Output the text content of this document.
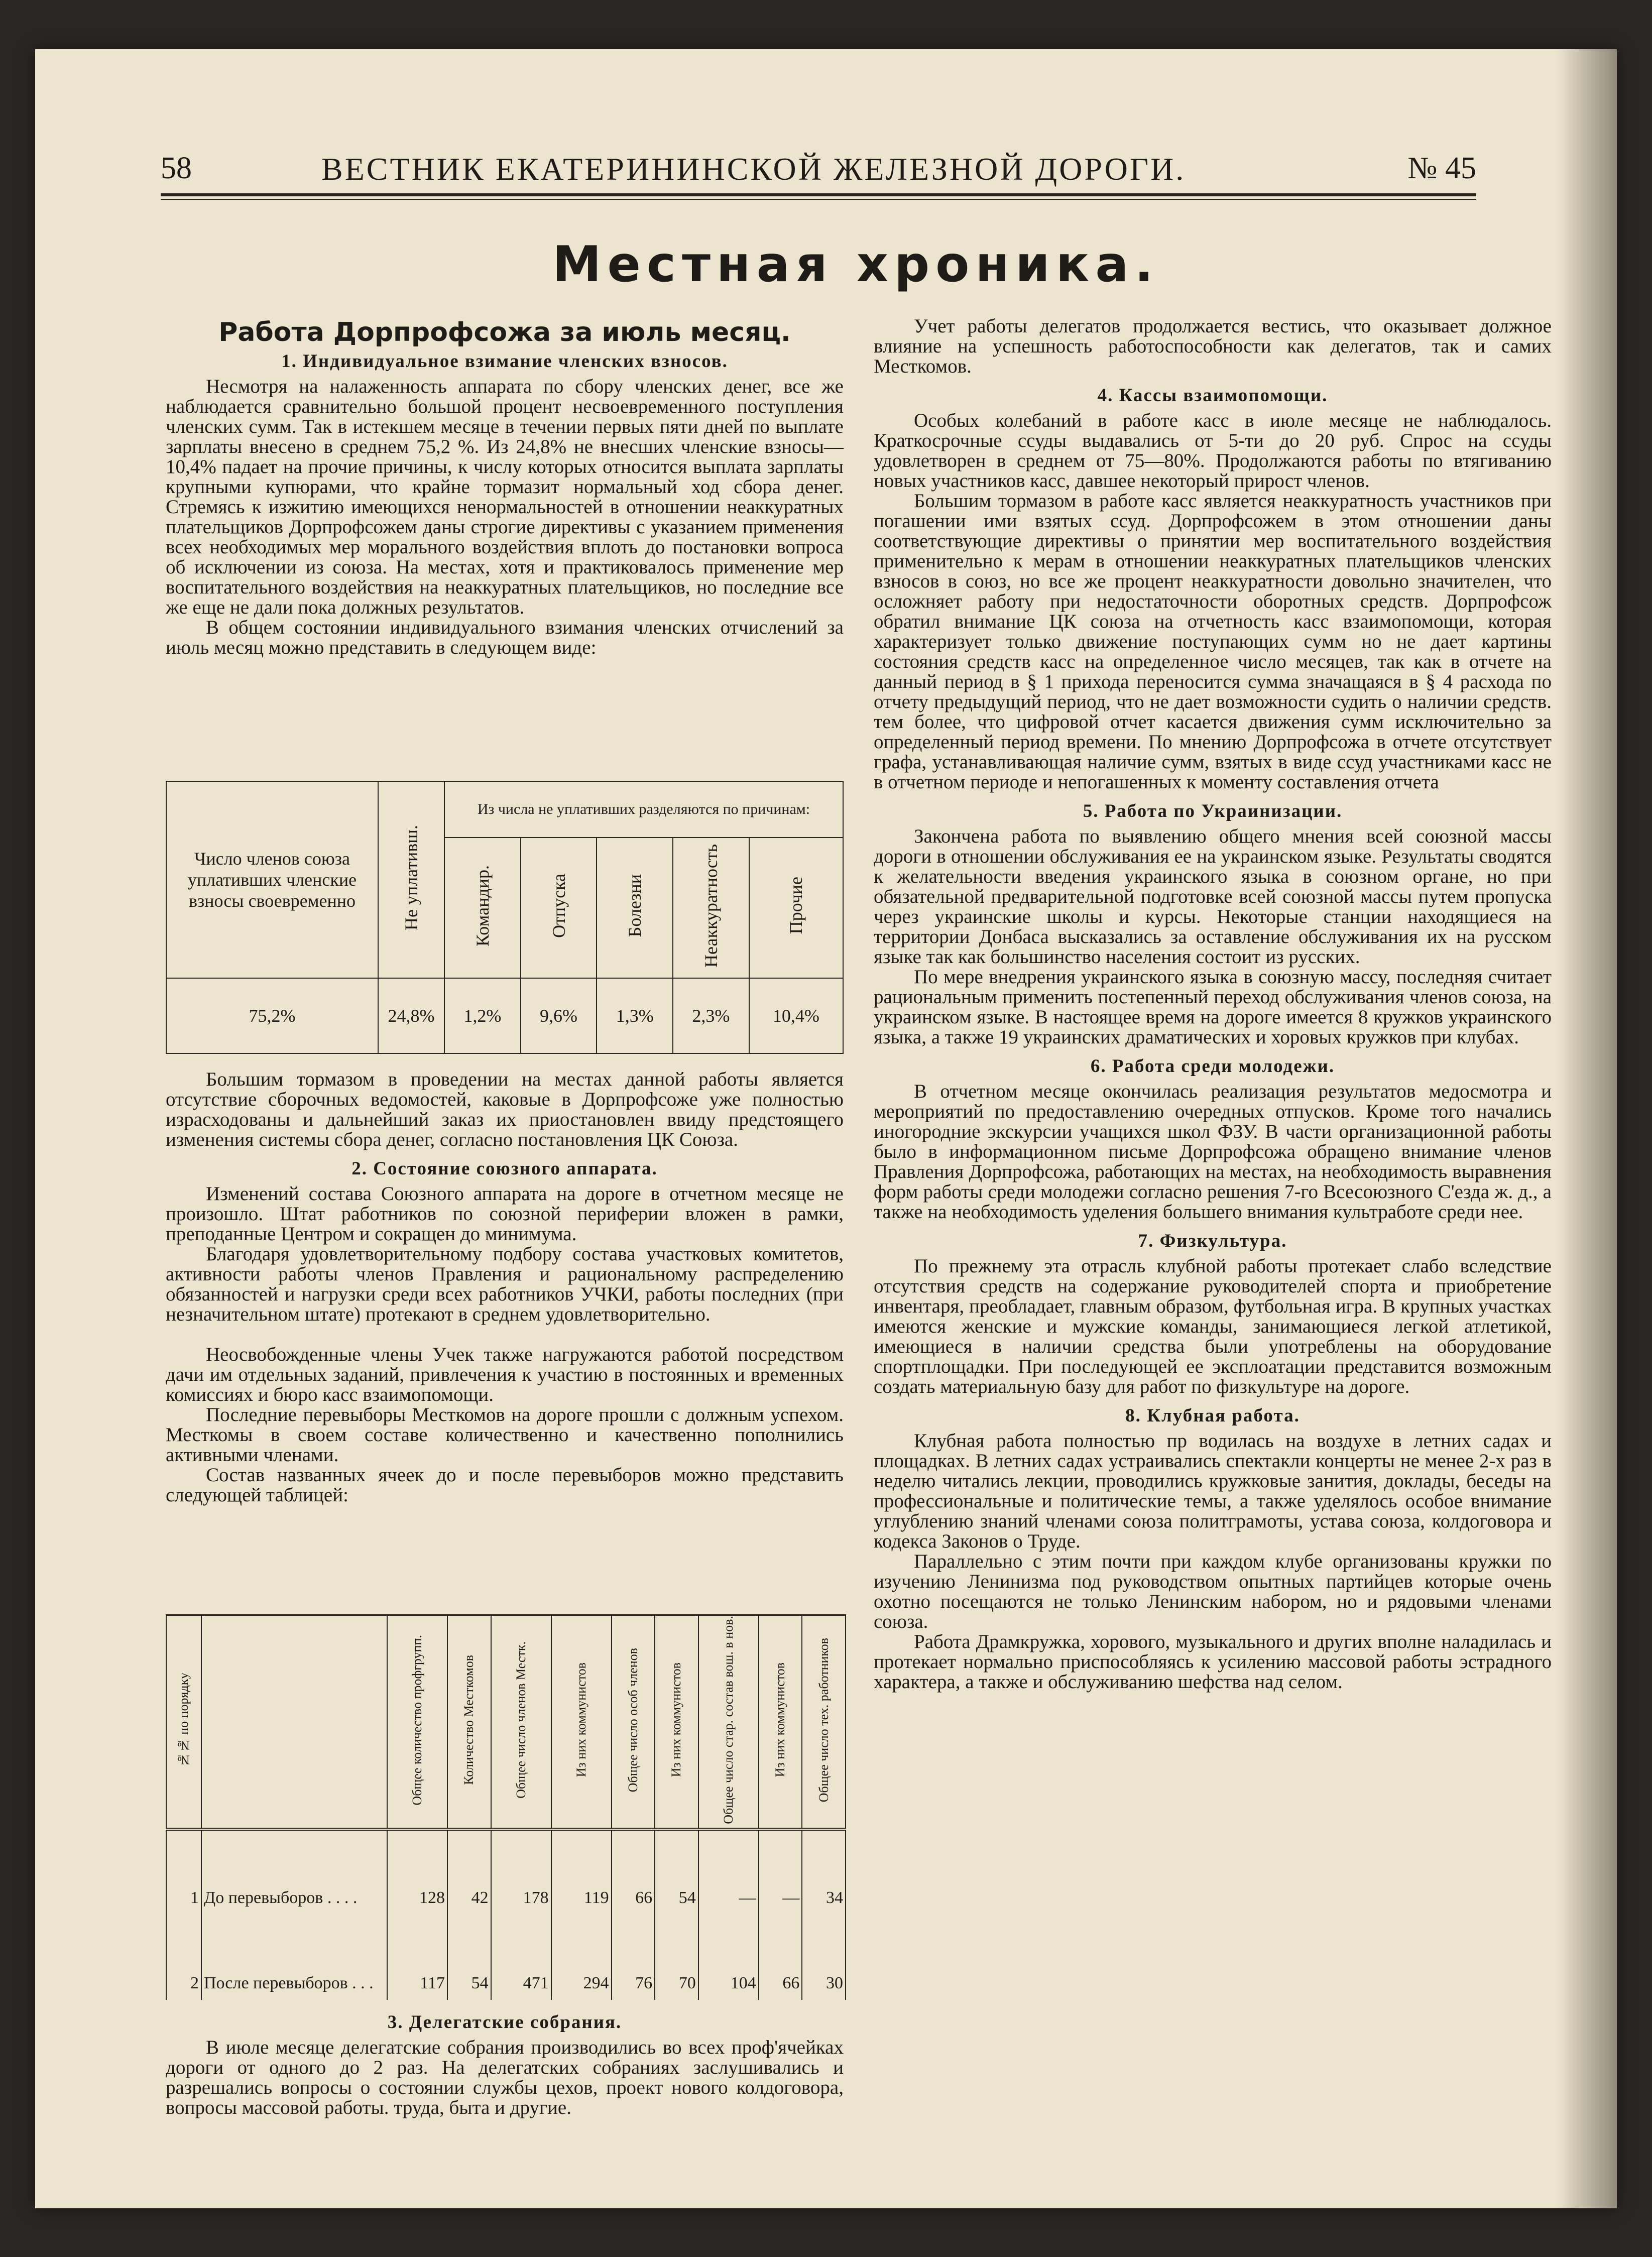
58	ВЕСТНИК ЕКАТЕРИНИНСКОЙ ЖЕЛЕЗНОЙ ДОРОГИ.	№ 45
Местная хроника.
Работа Дорпрофсожа за июль месяц.
1. Индивидуальное взимание членских взносов.

Несмотря на налаженность аппарата по сбору членских денег, все же наблюдается сравнительно большой процент несвоевременного поступления членских сумм. Так в истекшем месяце в течении первых пяти дней по выплате зарплаты внесено в среднем 75,2 %. Из 24,8% не внесших членские взносы—10,4% падает на прочие причины, к числу которых относится выплата зарплаты крупными купюрами, что крайне тормазит нормальный ход сбора денег. Стремясь к изжитию имеющихся ненормальностей в отношении неаккуратных плательщиков Дорпрофсожем даны строгие директивы с указанием применения всех необходимых мер морального воздействия вплоть до постановки вопроса об исключении из союза. На местах, хотя и практиковалось применение мер воспитательного воздействия на неаккуратных плательщиков, но последние все же еще не дали пока должных результатов.

В общем состоянии индивидуального взимания членских отчислений за июль месяц можно представить в следующем виде:

Число членов союза уплативших членские взносы своевременно	Не уплативш.	Из числа не уплативших разделяются по причинам:				
		Командир.	Отпуска	Болезни	Неаккуратность	Прочие
75,2%	24,8%	1,2%	9,6%	1,3%	2,3%	10,4%

Большим тормазом в проведении на местах данной работы является отсутствие сборочных ведомостей, каковые в Дорпрофсоже уже полностью израсходованы и дальнейший заказ их приостановлен ввиду предстоящего изменения системы сбора денег, согласно постановления ЦК Союза.

2. Состояние союзного аппарата.

Изменений состава Союзного аппарата на дороге в отчетном месяце не произошло. Штат работников по союзной периферии вложен в рамки, преподанные Центром и сокращен до минимума.

Благодаря удовлетворительному подбору состава участковых комитетов, активности работы членов Правления и рациональному распределению обязанностей и нагрузки среди всех работников УЧКИ, работы последних (при незначительном штате) протекают в среднем удовлетворительно.

Неосвобожденные члены Учек также нагружаются работой посредством дачи им отдельных заданий, привлечения к участию в постоянных и временных комиссиях и бюро касс взаимопомощи.

Последние перевыборы Месткомов на дороге прошли с должным успехом. Месткомы в своем составе количественно и качественно пополнились активными членами.

Состав названных ячеек до и после перевыборов можно представить следующей таблицей:

№№ по порядку		Общее количество профгрупп.	Количество Месткомов	Общее число членов Местк.	Из них коммунистов	Общее число особ членов	Из них коммунистов	Общее число стар. состав вош. в нов.	Из них коммунистов	Общее число тех. работников
1	До перевыборов . . . .	128	42	178	119	66	54	—	—	34
2	После перевыборов . . .	117	54	471	294	76	70	104	66	30
3. Делегатские собрания.

В июле месяце делегатские собрания производились во всех проф'ячейках дороги от одного до 2 раз. На делегатских собраниях заслушивались и разрешались вопросы о состоянии службы цехов, проект нового колдоговора, вопросы массовой работы. труда, быта и другие.

Учет работы делегатов продолжается вестись, что оказывает должное влияние на успешность работоспособности как делегатов, так и самих Месткомов.

4. Кассы взаимопомощи.

Особых колебаний в работе касс в июле месяце не наблюдалось. Краткосрочные ссуды выдавались от 5-ти до 20 руб. Спрос на ссуды удовлетворен в среднем от 75—80%. Продолжаются работы по втягиванию новых участников касс, давшее некоторый прирост членов.

Большим тормазом в работе касс является неаккуратность участников при погашении ими взятых ссуд. Дорпрофсожем в этом отношении даны соответствующие директивы о принятии мер воспитательного воздействия применительно к мерам в отношении неаккуратных плательщиков членских взносов в союз, но все же процент неаккуратности довольно значителен, что осложняет работу при недостаточности оборотных средств. Дорпрофсож обратил внимание ЦК союза на отчетность касс взаимопомощи, которая характеризует только движение поступающих сумм но не дает картины состояния средств касс на определенное число месяцев, так как в отчете на данный период в § 1 прихода переносится сумма значащаяся в § 4 расхода по отчету предыдущий период, что не дает возможности судить о наличии средств. тем более, что цифровой отчет касается движения сумм исключительно за определенный период времени. По мнению Дорпрофсожа в отчете отсутствует графа, устанавливающая наличие сумм, взятых в виде ссуд участниками касс не в отчетном периоде и непогашенных к моменту составления отчета

5. Работа по Украинизации.

Закончена работа по выявлению общего мнения всей союзной массы дороги в отношении обслуживания ее на украинском языке. Результаты сводятся к желательности введения украинского языка в союзном органе, но при обязательной предварительной подготовке всей союзной массы путем пропуска через украинские школы и курсы. Некоторые станции находящиеся на территории Донбаса высказались за оставление обслуживания их на русском языке так как большинство населения состоит из русских.

По мере внедрения украинского языка в союзную массу, последняя считает рациональным применить постепенный переход обслуживания членов союза, на украинском языке. В настоящее время на дороге имеется 8 кружков украинского языка, а также 19 украинских драматических и хоровых кружков при клубах.

6. Работа среди молодежи.

В отчетном месяце окончилась реализация результатов медосмотра и мероприятий по предоставлению очередных отпусков. Кроме того начались иногородние экскурсии учащихся школ ФЗУ. В части организационной работы было в информационном письме Дорпрофсожа обращено внимание членов Правления Дорпрофсожа, работающих на местах, на необходимость выравнения форм работы среди молодежи согласно решения 7-го Всесоюзного С'езда ж. д., а также на необходимость уделения большего внимания культработе среди нее.

7. Физкультура.

По прежнему эта отрасль клубной работы протекает слабо вследствие отсутствия средств на содержание руководителей спорта и приобретение инвентаря, преобладает, главным образом, футбольная игра. В крупных участках имеются женские и мужские команды, занимающиеся легкой атлетикой, имеющиеся в наличии средства были употреблены на оборудование спортплощадки. При последующей ее эксплоатации представится возможным создать материальную базу для работ по физкультуре на дороге.

8. Клубная работа.

Клубная работа полностью пр водилась на воздухе в летних садах и площадках. В летних садах устраивались спектакли концерты не менее 2-х раз в неделю читались лекции, проводились кружковые занития, доклады, беседы на профессиональные и политические темы, а также уделялось особое внимание углублению знаний членами союза политграмоты, устава союза, колдоговора и кодекса Законов о Труде.

Параллельно с этим почти при каждом клубе организованы кружки по изучению Ленинизма под руководством опытных партийцев которые очень охотно посещаются не только Ленинским набором, но и рядовыми членами союза.

Работа Драмкружка, хорового, музыкального и других вполне наладилась и протекает нормально приспособляясь к усилению массовой работы эстрадного характера, а также и обслуживанию шефства над селом.
